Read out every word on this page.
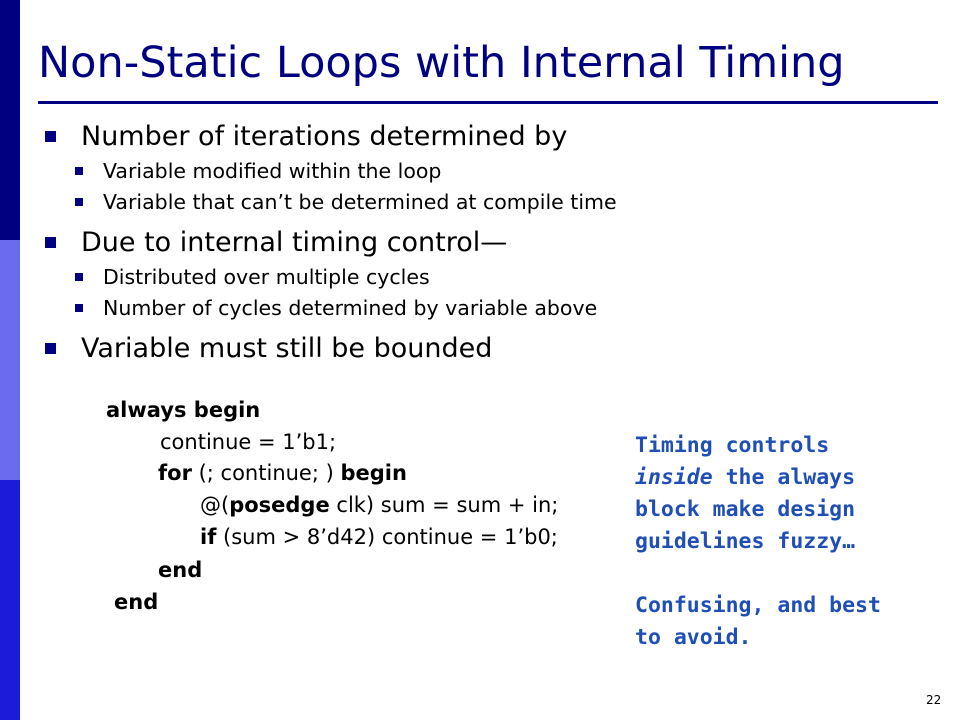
Non-Static Loops with Internal Timing
Number of iterations determined by
Variable modified within the loop
Variable that can’t be determined at compile time
Due to internal timing control—
Distributed over multiple cycles
Number of cycles determined by variable above
Variable must still be bounded
always begin
continue = 1’b1;
for (; continue; ) begin
@(posedge clk) sum = sum + in;
if (sum > 8’d42) continue = 1’b0;
end
end
Timing controls
inside the always
block make design
guidelines fuzzy…
Confusing, and best
to avoid.
22
